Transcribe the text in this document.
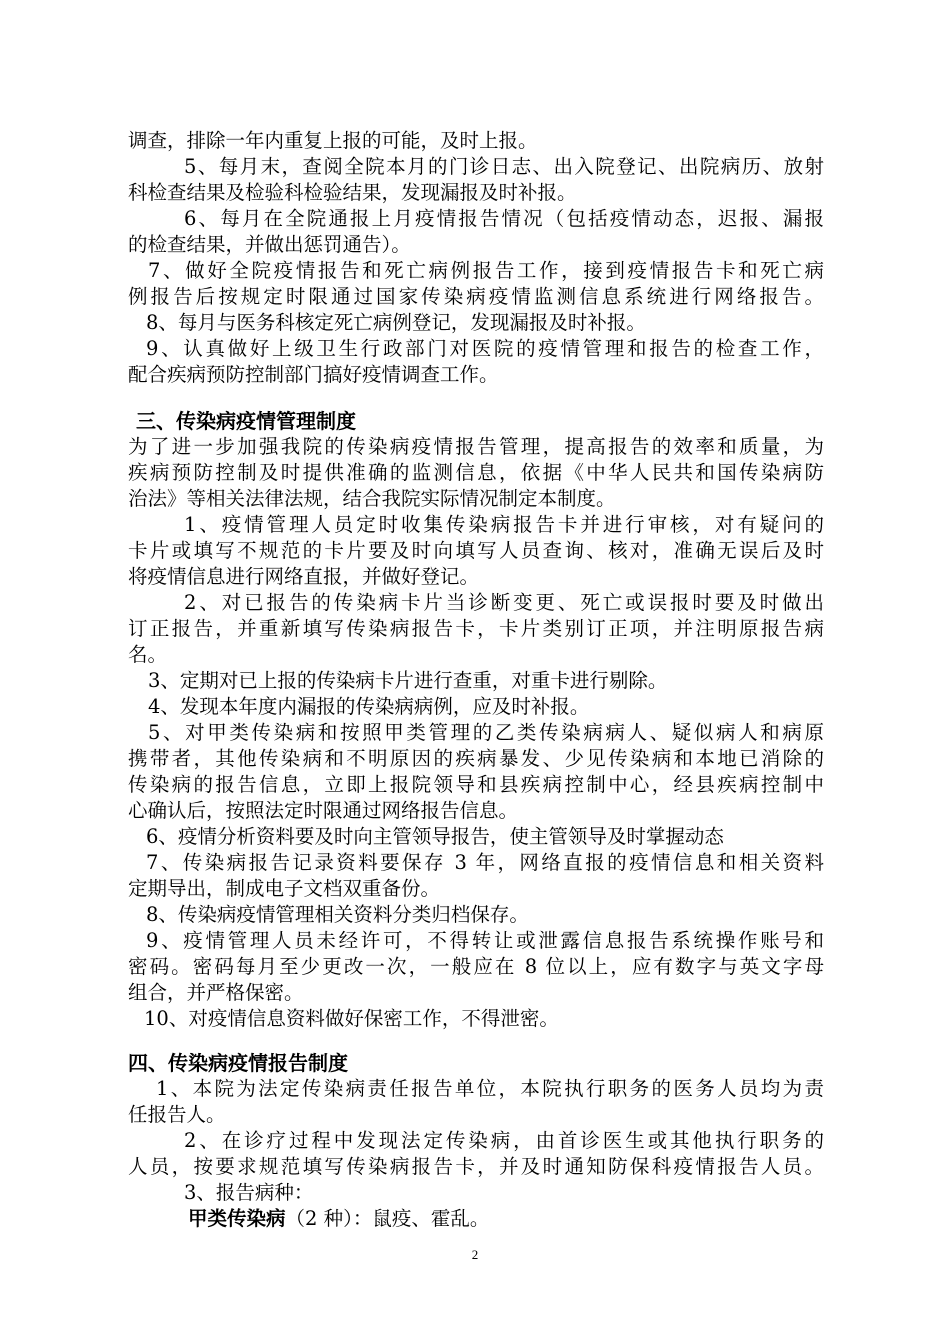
调查，排除一年内重复上报的可能，及时上报。
5、每月末，查阅全院本月的门诊日志、出入院登记、出院病历、放射
科检查结果及检验科检验结果，发现漏报及时补报。
6、每月在全院通报上月疫情报告情况（包括疫情动态，迟报、漏报
的检查结果，并做出惩罚通告）。
7、做好全院疫情报告和死亡病例报告工作，接到疫情报告卡和死亡病
例报告后按规定时限通过国家传染病疫情监测信息系统进行网络报告。
8、每月与医务科核定死亡病例登记，发现漏报及时补报。
9、认真做好上级卫生行政部门对医院的疫情管理和报告的检查工作，
配合疾病预防控制部门搞好疫情调查工作。
三、传染病疫情管理制度
为了进一步加强我院的传染病疫情报告管理，提高报告的效率和质量，为
疾病预防控制及时提供准确的监测信息，依据《中华人民共和国传染病防
治法》等相关法律法规，结合我院实际情况制定本制度。
1、疫情管理人员定时收集传染病报告卡并进行审核，对有疑问的
卡片或填写不规范的卡片要及时向填写人员查询、核对，准确无误后及时
将疫情信息进行网络直报，并做好登记。
2、对已报告的传染病卡片当诊断变更、死亡或误报时要及时做出
订正报告，并重新填写传染病报告卡，卡片类别订正项，并注明原报告病
名。
3、定期对已上报的传染病卡片进行查重，对重卡进行剔除。
4、发现本年度内漏报的传染病病例，应及时补报。
5、对甲类传染病和按照甲类管理的乙类传染病病人、疑似病人和病原
携带者，其他传染病和不明原因的疾病暴发、少见传染病和本地已消除的
传染病的报告信息，立即上报院领导和县疾病控制中心，经县疾病控制中
心确认后，按照法定时限通过网络报告信息。
6、疫情分析资料要及时向主管领导报告，使主管领导及时掌握动态
7、传染病报告记录资料要保存 3 年，网络直报的疫情信息和相关资料
定期导出，制成电子文档双重备份。
8、传染病疫情管理相关资料分类归档保存。
9、疫情管理人员未经许可，不得转让或泄露信息报告系统操作账号和
密码。密码每月至少更改一次，一般应在 8 位以上，应有数字与英文字母
组合，并严格保密。
10、对疫情信息资料做好保密工作，不得泄密。
四、传染病疫情报告制度
1、本院为法定传染病责任报告单位，本院执行职务的医务人员均为责
任报告人。
2、在诊疗过程中发现法定传染病，由首诊医生或其他执行职务的
人员，按要求规范填写传染病报告卡，并及时通知防保科疫情报告人员。
3、报告病种：
甲类传染病（2 种）：鼠疫、霍乱。
2
